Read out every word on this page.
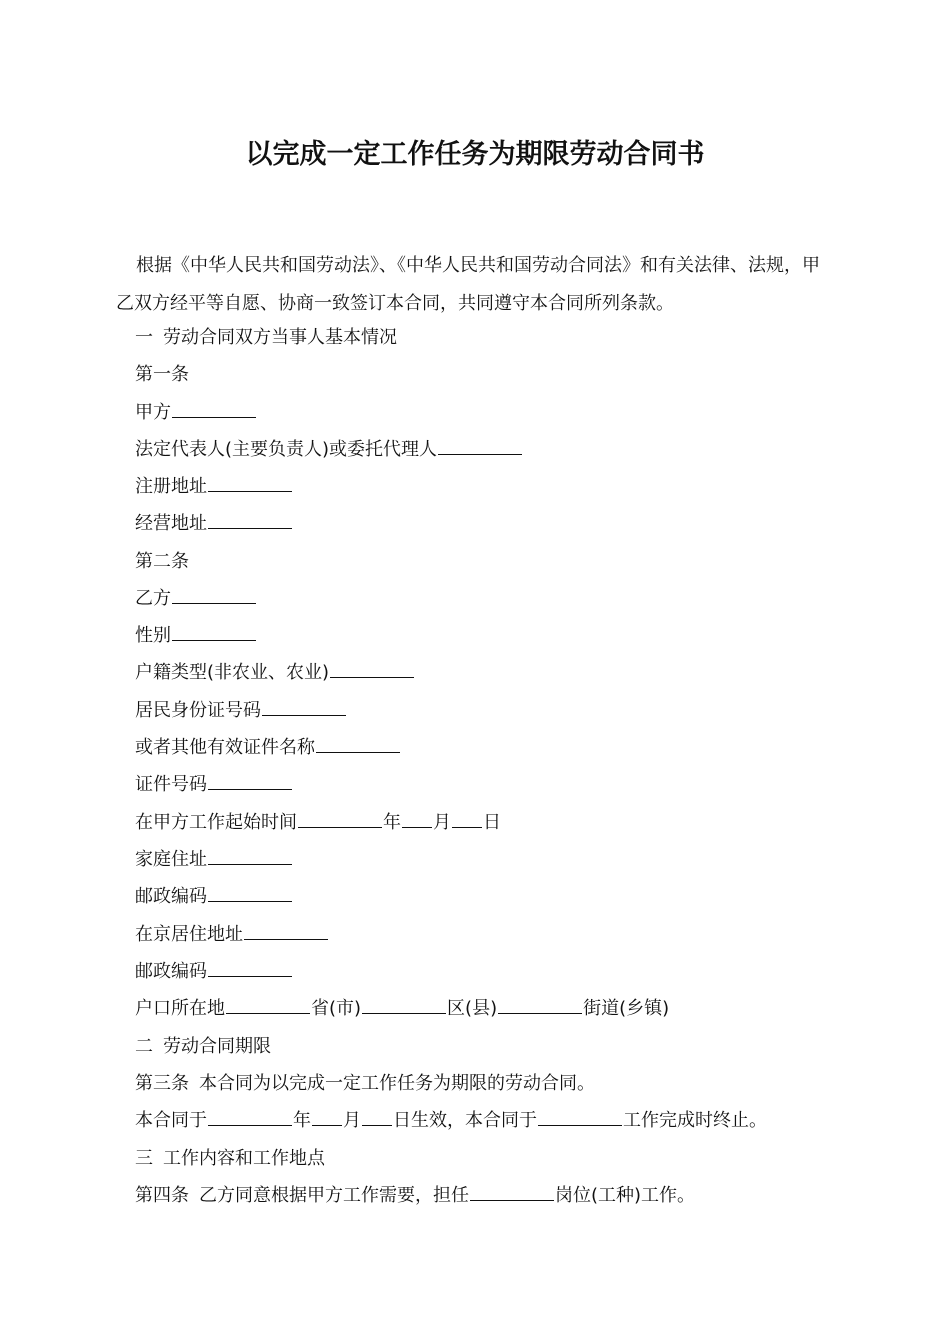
以完成一定工作任务为期限劳动合同书

根据《中华人民共和国劳动法》、《中华人民共和国劳动合同法》和有关法律、法规，甲乙双方经平等自愿、协商一致签订本合同，共同遵守本合同所列条款。

一 劳动合同双方当事人基本情况
第一条
甲方
法定代表人(主要负责人)或委托代理人
注册地址
经营地址
第二条
乙方
性别
户籍类型(非农业、农业)
居民身份证号码
或者其他有效证件名称
证件号码
在甲方工作起始时间	年 月 日
家庭住址
邮政编码
在京居住地址
邮政编码
户口所在地	省(市)	区(县)	街道(乡镇)
二 劳动合同期限
第三条 本合同为以完成一定工作任务为期限的劳动合同。
本合同于	年 月 日生效，本合同于	工作完成时终止。
三 工作内容和工作地点
第四条 乙方同意根据甲方工作需要，担任	岗位(工种)工作。
